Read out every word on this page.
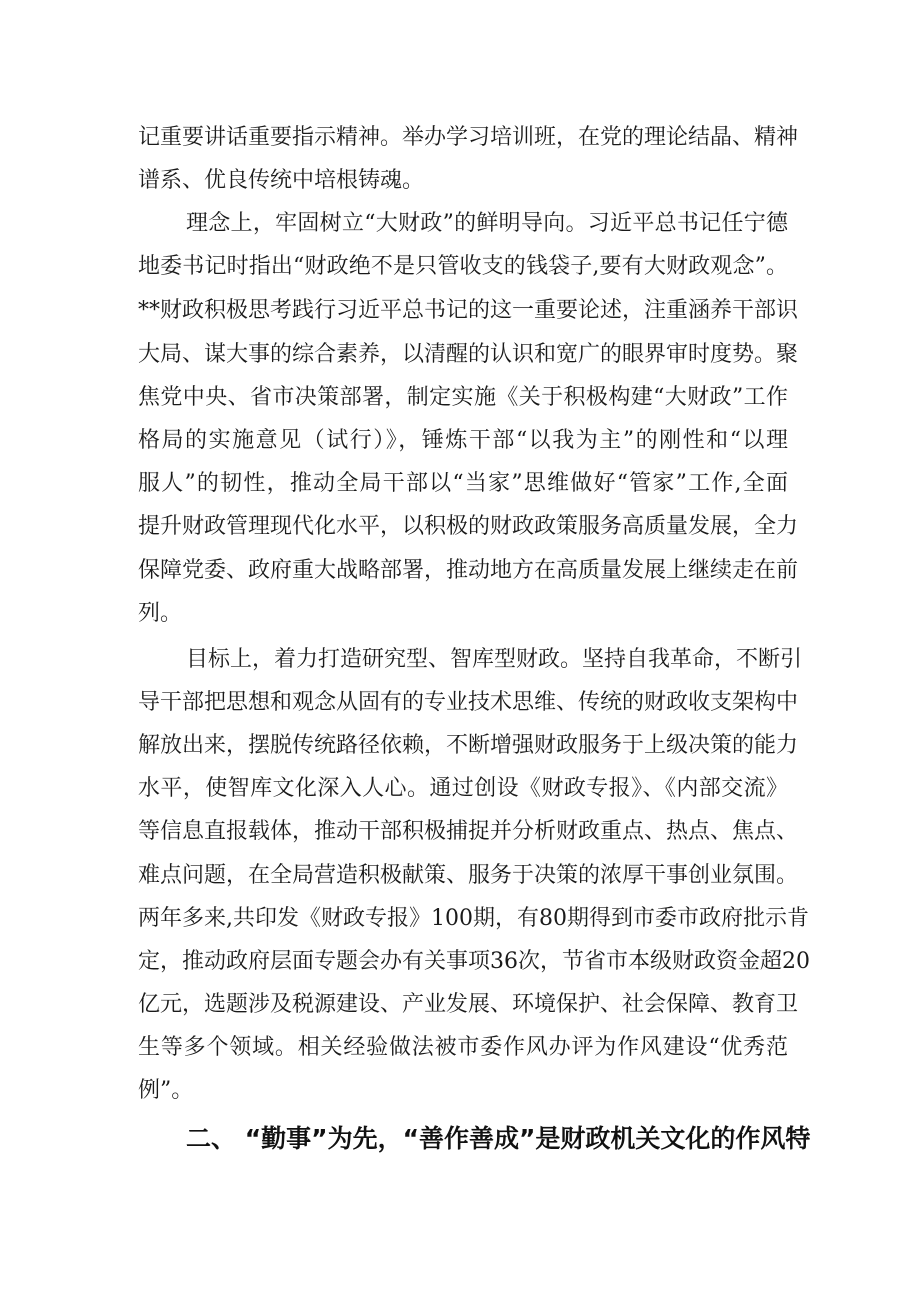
记重要讲话重要指示精神。举办学习培训班，在党的理论结晶、精神
谱系、优良传统中培根铸魂。
理念上，牢固树立“大财政”的鲜明导向。习近平总书记任宁德
地委书记时指出“财政绝不是只管收支的钱袋子,要有大财政观念”。
**财政积极思考践行习近平总书记的这一重要论述，注重涵养干部识
大局、谋大事的综合素养，以清醒的认识和宽广的眼界审时度势。聚
焦党中央、省市决策部署，制定实施《关于积极构建“大财政”工作
格局的实施意见（试行）》，锤炼干部“以我为主”的刚性和“以理
服人”的韧性，推动全局干部以“当家”思维做好“管家”工作,全面
提升财政管理现代化水平，以积极的财政政策服务高质量发展，全力
保障党委、政府重大战略部署，推动地方在高质量发展上继续走在前
列。
目标上，着力打造研究型、智库型财政。坚持自我革命，不断引
导干部把思想和观念从固有的专业技术思维、传统的财政收支架构中
解放出来，摆脱传统路径依赖，不断增强财政服务于上级决策的能力
水平，使智库文化深入人心。通过创设《财政专报》、《内部交流》
等信息直报载体，推动干部积极捕捉并分析财政重点、热点、焦点、
难点问题，在全局营造积极献策、服务于决策的浓厚干事创业氛围。
两年多来,共印发《财政专报》100期，有80期得到市委市政府批示肯
定，推动政府层面专题会办有关事项36次，节省市本级财政资金超20
亿元，选题涉及税源建设、产业发展、环境保护、社会保障、教育卫
生等多个领域。相关经验做法被市委作风办评为作风建设“优秀范
例”。
二、 “勤事”为先，“善作善成”是财政机关文化的作风特
